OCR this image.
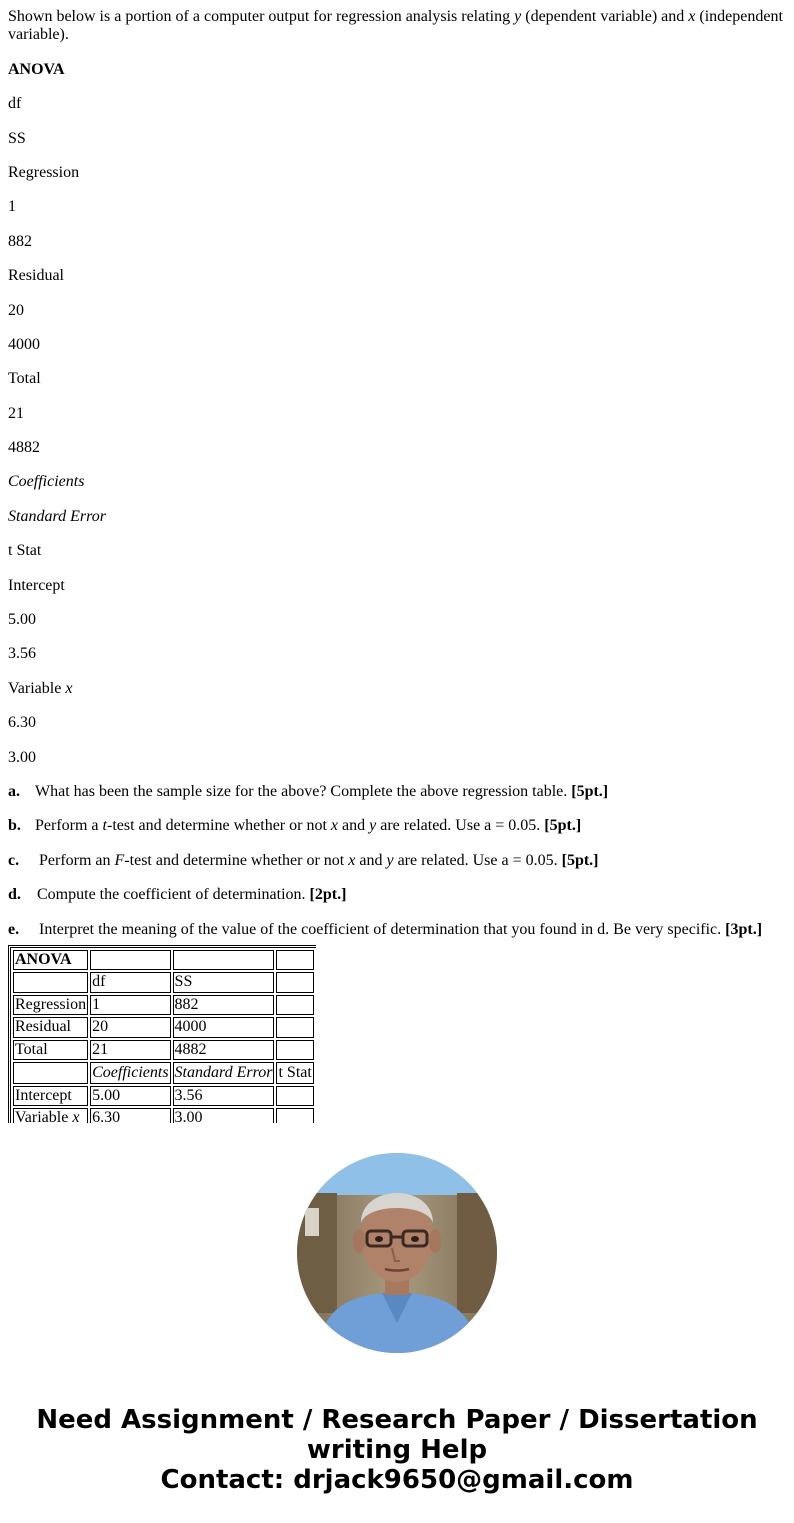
Shown below is a portion of a computer output for regression analysis relating y (dependent variable) and x (independent variable).

ANOVA

df

SS

Regression

1

882

Residual

20

4000

Total

21

4882

Coefficients

Standard Error

t Stat

Intercept

5.00

3.56

Variable x

6.30

3.00

a. What has been the sample size for the above? Complete the above regression table. [5pt.]

b. Perform a t-test and determine whether or not x and y are related. Use a = 0.05. [5pt.]

c. Perform an F-test and determine whether or not x and y are related. Use a = 0.05. [5pt.]

d. Compute the coefficient of determination. [2pt.]

e. Interpret the meaning of the value of the coefficient of determination that you found in d. Be very specific. [3pt.]

ANOVA			
	df	SS	
Regression	1	882	
Residual	20	4000	
Total	21	4882	
	Coefficients	Standard Error	t Stat
Intercept	5.00	3.56	
Variable x	6.30	3.00	
Need Assignment / Research Paper / Dissertation
writing Help
Contact: drjack9650@gmail.com
